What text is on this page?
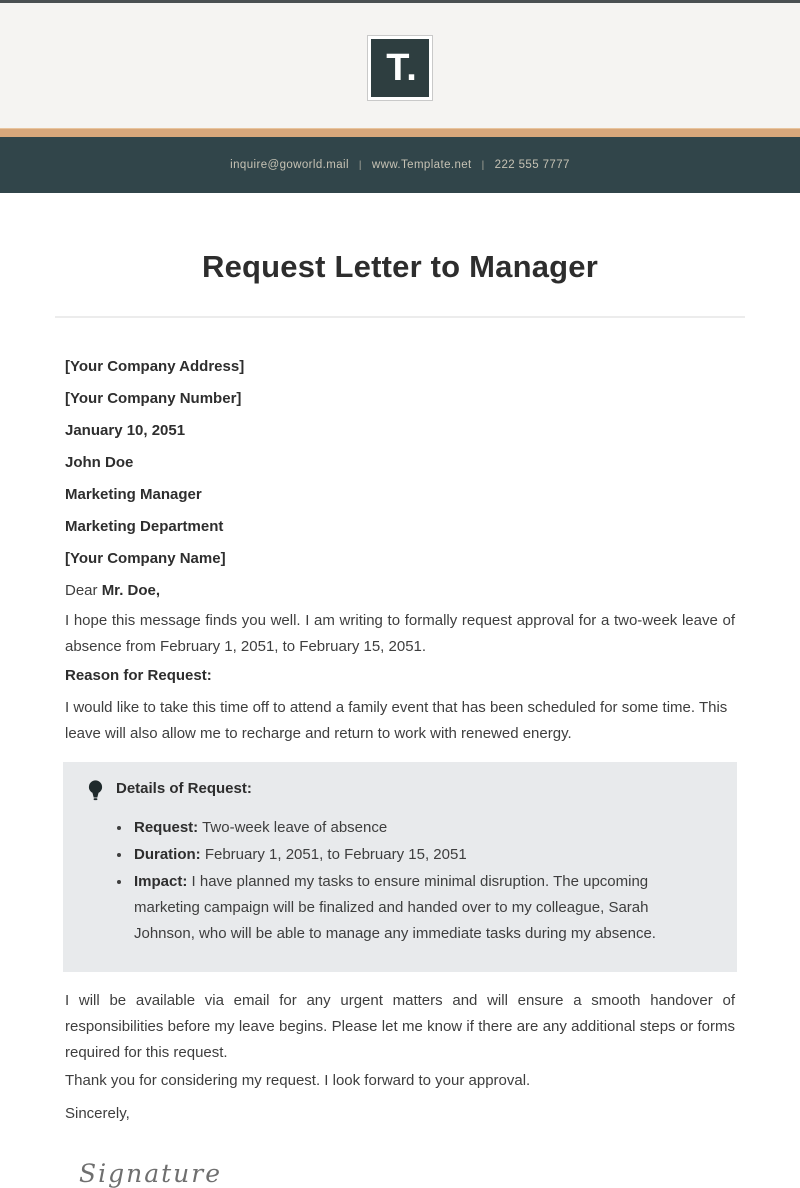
T.
inquire@goworld.mail | www.Template.net | 222 555 7777
Request Letter to Manager
[Your Company Address]
[Your Company Number]
January 10, 2051
John Doe
Marketing Manager
Marketing Department
[Your Company Name]

Dear Mr. Doe,

I hope this message finds you well. I am writing to formally request approval for a two-week leave of absence from February 1, 2051, to February 15, 2051.

Reason for Request:

I would like to take this time off to attend a family event that has been scheduled for some time. This leave will also allow me to recharge and return to work with renewed energy.

Details of Request:
• Request: Two-week leave of absence
• Duration: February 1, 2051, to February 15, 2051
• Impact: I have planned my tasks to ensure minimal disruption. The upcoming marketing campaign will be finalized and handed over to my colleague, Sarah Johnson, who will be able to manage any immediate tasks during my absence.

I will be available via email for any urgent matters and will ensure a smooth handover of responsibilities before my leave begins. Please let me know if there are any additional steps or forms required for this request.

Thank you for considering my request. I look forward to your approval.

Sincerely,

Signature
